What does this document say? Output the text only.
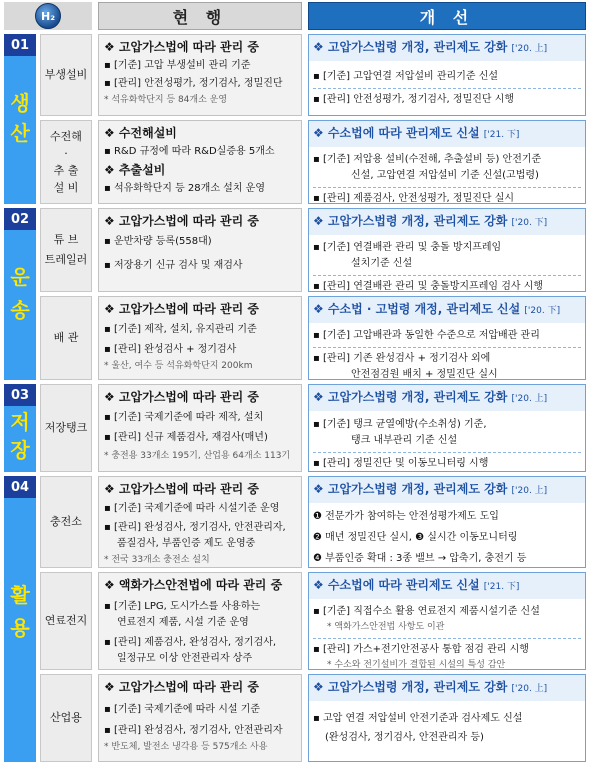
H₂	현 행	개 선
01
생
산
02
운
송
03
저
장
04
활
용
부생설비
❖ 고압가스법에 따라 관리 중
▪ [기준] 고압 부생설비 관리 기준
▪ [관리] 안전성평가, 정기검사, 정밀진단
* 석유화학단지 등 84개소 운영
❖ 고압가스법령 개정, 관리제도 강화 ['20. 上]
▪ [기준] 고압연결 저압설비 관리기준 신설
▪ [관리] 안전성평가, 정기검사, 정밀진단 시행
수전해
·
추 출
설 비
❖ 수전해설비
▪ R&D 규정에 따라 R&D실증용 5개소
❖ 추출설비
▪ 석유화학단지 등 28개소 설치 운영
❖ 수소법에 따라 관리제도 신설 ['21. 下]
▪ [기준] 저압용 설비(수전해, 추출설비 등) 안전기준
신설, 고압연결 저압설비 기준 신설(고법령)
▪ [관리] 제품검사, 안전성평가, 정밀진단 실시
튜 브
트레일러
❖ 고압가스법에 따라 관리 중
▪ 운반차량 등록(558대)
▪ 저장용기 신규 검사 및 재검사
❖ 고압가스법령 개정, 관리제도 강화 ['20. 下]
▪ [기준] 연결배관 관리 및 충돌 방지프레임
설치기준 신설
▪ [관리] 연결배관 관리 및 충돌방지프레임 검사 시행
배 관
❖ 고압가스법에 따라 관리 중
▪ [기준] 제작, 설치, 유지관리 기준
▪ [관리] 완성검사 + 정기검사
* 울산, 여수 등 석유화학단지 200km
❖ 수소법 · 고법령 개정, 관리제도 신설 ['20. 下]
▪ [기준] 고압배관과 동일한 수준으로 저압배관 관리
▪ [관리] 기존 완성검사 + 정기검사 외에
안전점검원 배치 + 정밀진단 실시
저장탱크
❖ 고압가스법에 따라 관리 중
▪ [기준] 국제기준에 따라 제작, 설치
▪ [관리] 신규 제품검사, 재검사(매년)
* 충전용 33개소 195기, 산업용 64개소 113기
❖ 고압가스법령 개정, 관리제도 강화 ['20. 上]
▪ [기준] 탱크 균열예방(수소취성) 기준,
탱크 내부관리 기준 신설
▪ [관리] 정밀진단 및 이동모니터링 시행
충전소
❖ 고압가스법에 따라 관리 중
▪ [기준] 국제기준에 따라 시설기준 운영
▪ [관리] 완성검사, 정기검사, 안전관리자,
품질검사, 부품인증 제도 운영중
* 전국 33개소 충전소 설치
❖ 고압가스법령 개정, 관리제도 강화 ['20. 上]
❶ 전문가가 참여하는 안전성평가제도 도입
❷ 매년 정밀진단 실시, ❸ 실시간 이동모니터링
❹ 부품인증 확대 : 3종 밸브 → 압축기, 충전기 등
연료전지
❖ 액화가스안전법에 따라 관리 중
▪ [기준] LPG, 도시가스를 사용하는
연료전지 제품, 시설 기준 운영
▪ [관리] 제품검사, 완성검사, 정기검사,
일정규모 이상 안전관리자 상주
❖ 수소법에 따라 관리제도 신설 ['21. 下]
▪ [기준] 직접수소 활용 연료전지 제품시설기준 신설
* 액화가스안전법 사항도 이관
▪ [관리] 가스+전기안전공사 통합 점검 관리 시행
* 수소와 전기설비가 결합된 시설의 특성 감안
산업용
❖ 고압가스법에 따라 관리 중
▪ [기준] 국제기준에 따라 시설 기준
▪ [관리] 완성검사, 정기검사, 안전관리자
* 반도체, 발전소 냉각용 등 575개소 사용
❖ 고압가스법령 개정, 관리제도 강화 ['20. 上]
▪ 고압 연결 저압설비 안전기준과 검사제도 신설
(완성검사, 정기검사, 안전관리자 등)
